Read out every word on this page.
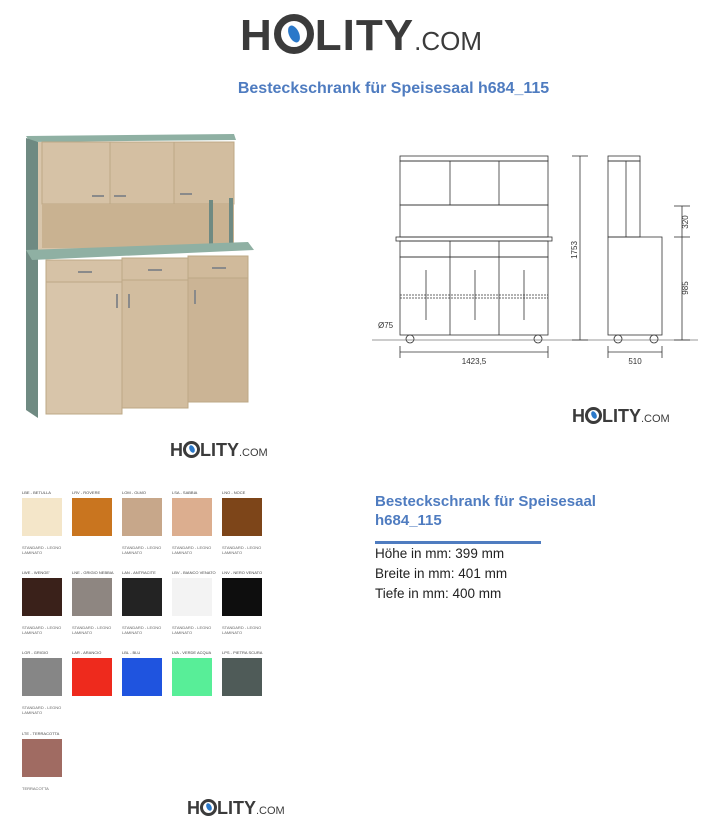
H LITY.COM
Besteckschrank für Speisesaal h684_115
H LITY.COM
1423,5
1753
510
320
985
Ø75
H LITY.COM
LBE - BETULLA
STANDARD - LEGNO LAMINATO
LRV - ROVERE	LOM - OLMO
STANDARD - LEGNO LAMINATO
LSA - SABBIA
STANDARD - LEGNO LAMINATO
LNO - NOCE
STANDARD - LEGNO LAMINATO
LWE - WENGE'
STANDARD - LEGNO LAMINATO
LNE - GRIGIO NEBBIA
STANDARD - LEGNO LAMINATO
LAN - ANTRACITE
STANDARD - LEGNO LAMINATO
LBV - BIANCO VENATO
STANDARD - LEGNO LAMINATO
LNV - NERO VENATO
STANDARD - LEGNO LAMINATO
LGR - GRIGIO
STANDARD - LEGNO LAMINATO
LAR - ARANCIO	LBL - BLU	LVA - VERDE ACQUA	LPS - PIETRA SCURA
LTE - TERRACOTTA
TERRACOTTA
Besteckschrank für Speisesaal h684_115
Höhe in mm: 399 mm
Breite in mm: 401 mm
Tiefe in mm: 400 mm
H LITY.COM
